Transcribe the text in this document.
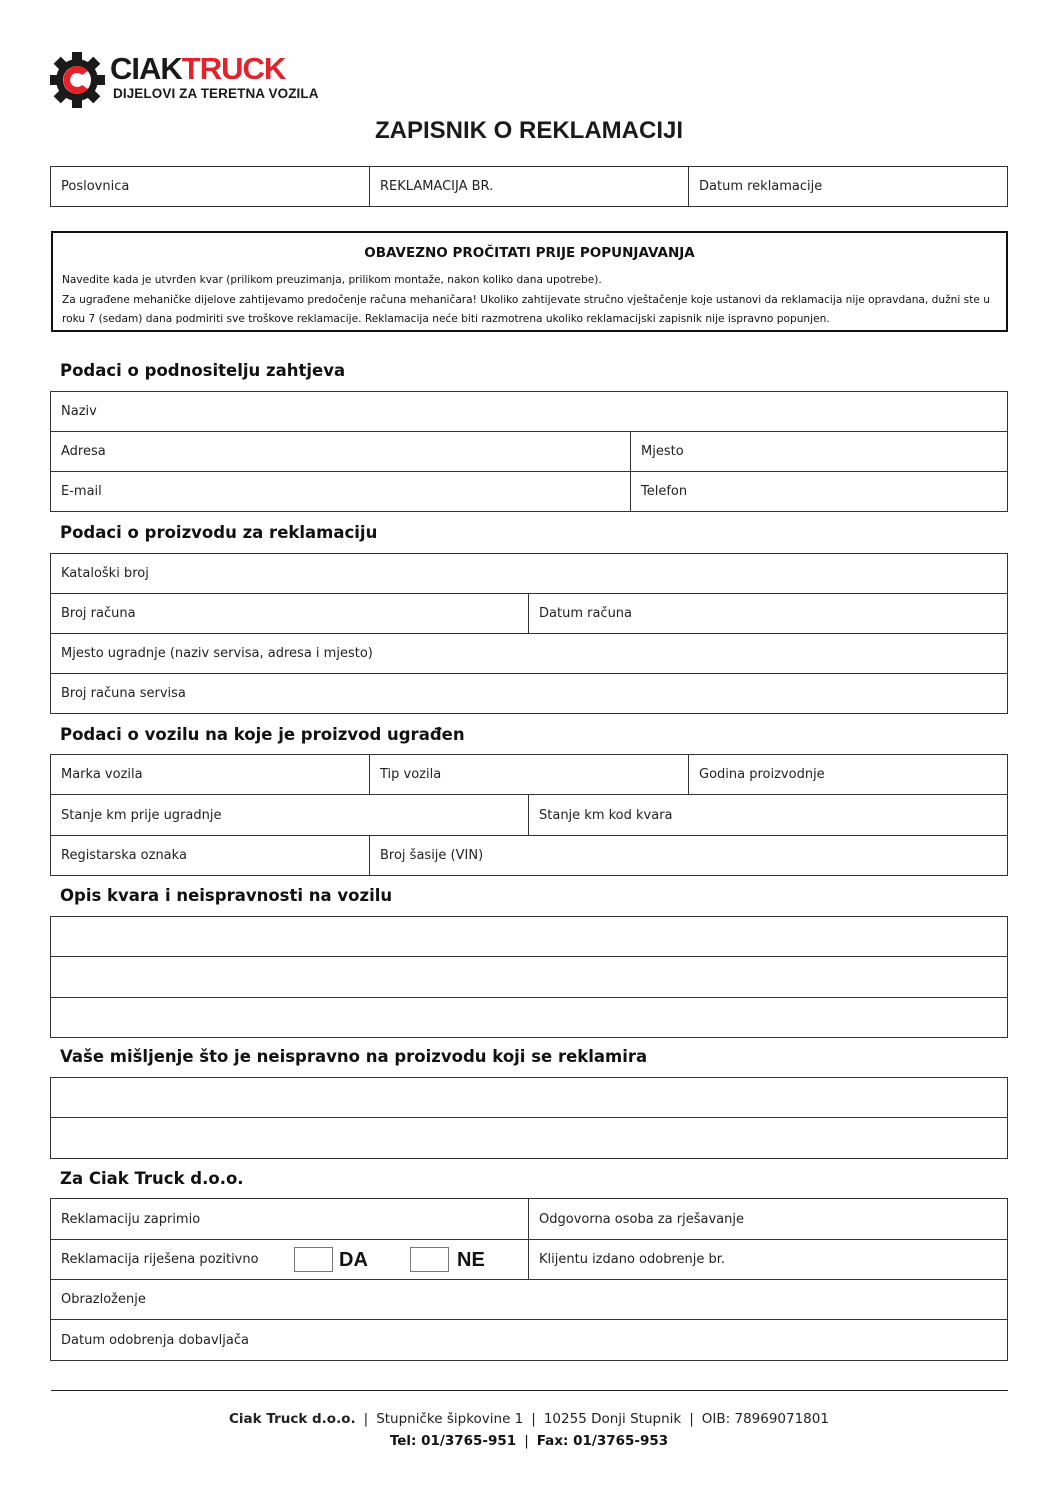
CIAKTRUCK
DIJELOVI ZA TERETNA VOZILA
ZAPISNIK O REKLAMACIJI
Poslovnica	REKLAMACIJA BR.	Datum reklamacije
OBAVEZNO PROČITATI PRIJE POPUNJAVANJA
Navedite kada je utvrđen kvar (prilikom preuzimanja, prilikom montaže, nakon koliko dana upotrebe).
Za ugrađene mehaničke dijelove zahtijevamo predočenje računa mehaničara! Ukoliko zahtijevate stručno vještačenje koje ustanovi da reklamacija nije opravdana, dužni ste u
roku 7 (sedam) dana podmiriti sve troškove reklamacije. Reklamacija neće biti razmotrena ukoliko reklamacijski zapisnik nije ispravno popunjen.
Podaci o podnositelju zahtjeva
Naziv
Adresa	Mjesto
E-mail	Telefon
Podaci o proizvodu za reklamaciju
Kataloški broj
Broj računa	Datum računa
Mjesto ugradnje (naziv servisa, adresa i mjesto)
Broj računa servisa
Podaci o vozilu na koje je proizvod ugrađen
Marka vozila	Tip vozila	Godina proizvodnje
Stanje km prije ugradnje	Stanje km kod kvara
Registarska oznaka	Broj šasije (VIN)
Opis kvara i neispravnosti na vozilu
Vaše mišljenje što je neispravno na proizvodu koji se reklamira
Za Ciak Truck d.o.o.
Reklamaciju zaprimio	Odgovorna osoba za rješavanje
Reklamacija riješena pozitivno	DA	NE	Klijentu izdano odobrenje br.
Obrazloženje
Datum odobrenja dobavljača
Ciak Truck d.o.o. | Stupničke šipkovine 1 | 10255 Donji Stupnik | OIB: 78969071801
Tel: 01/3765-951 | Fax: 01/3765-953
